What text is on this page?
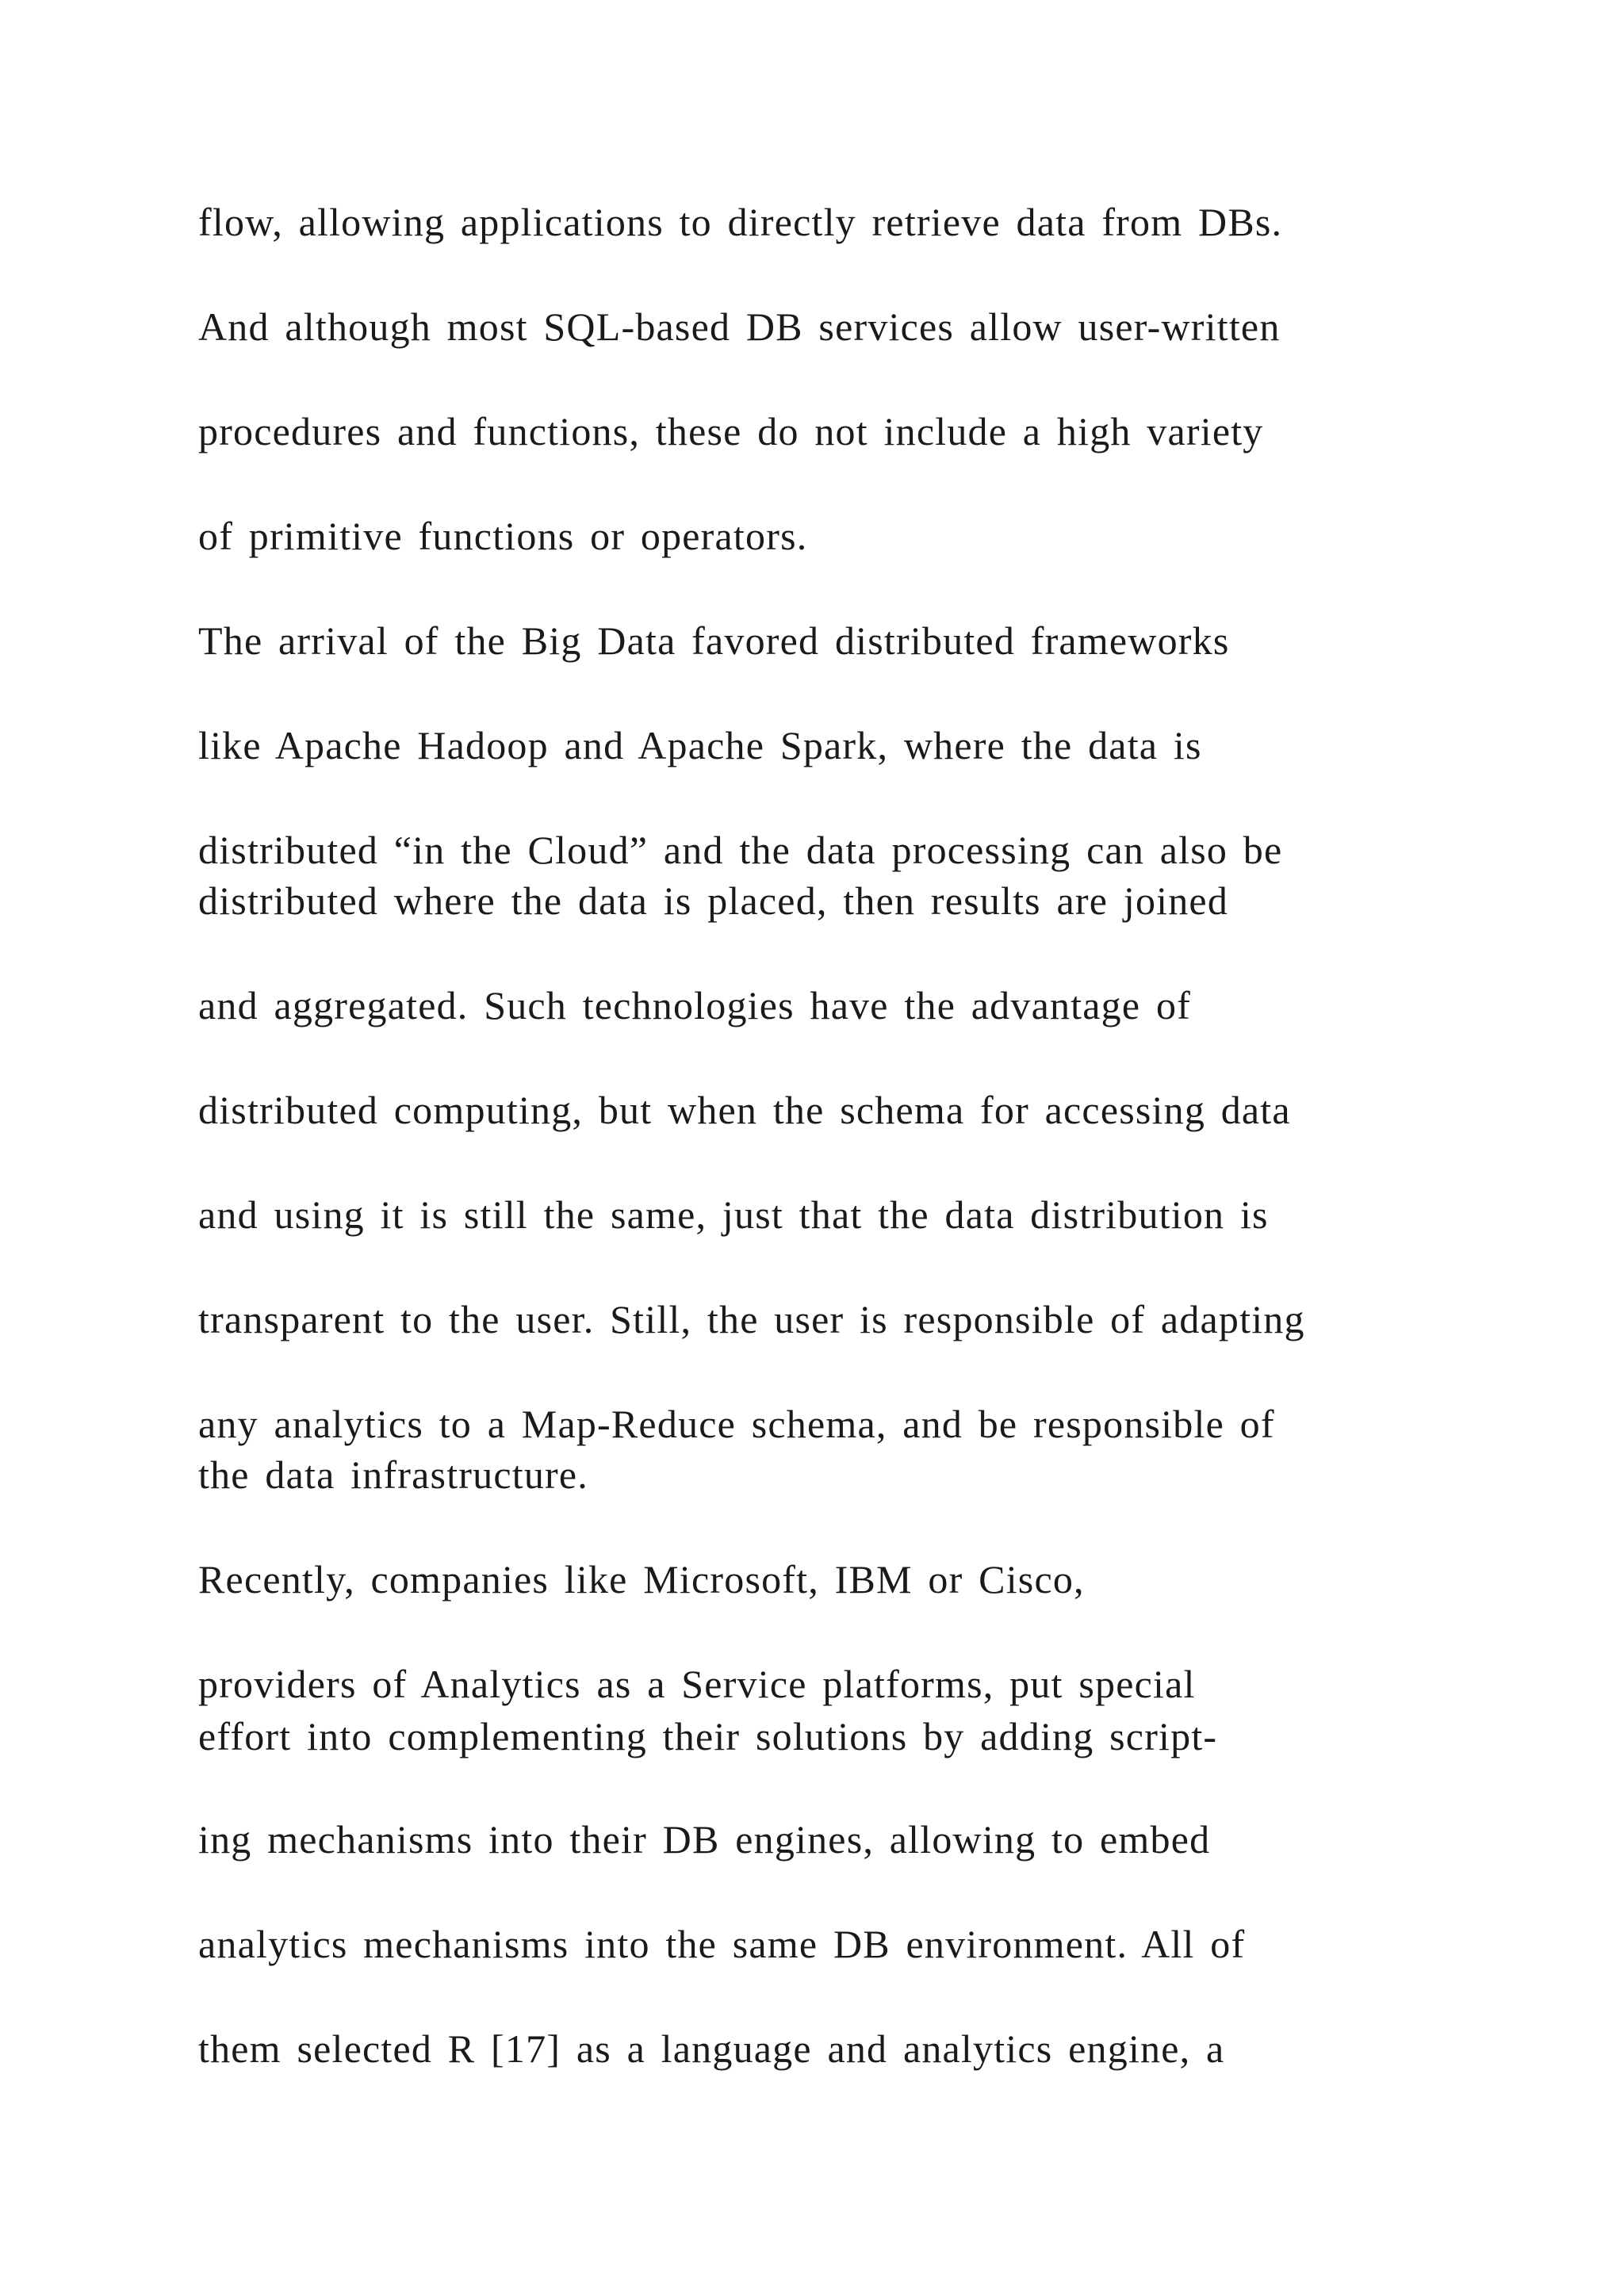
flow, allowing applications to directly retrieve data from DBs.

And although most SQL-based DB services allow user-written

procedures and functions, these do not include a high variety

of primitive functions or operators.

The arrival of the Big Data favored distributed frameworks

like Apache Hadoop and Apache Spark, where the data is

distributed “in the Cloud” and the data processing can also be

distributed where the data is placed, then results are joined

and aggregated. Such technologies have the advantage of

distributed computing, but when the schema for accessing data

and using it is still the same, just that the data distribution is

transparent to the user. Still, the user is responsible of adapting

any analytics to a Map-Reduce schema, and be responsible of

the data infrastructure.

Recently, companies like Microsoft, IBM or Cisco,

providers of Analytics as a Service platforms, put special

effort into complementing their solutions by adding script-

ing mechanisms into their DB engines, allowing to embed

analytics mechanisms into the same DB environment. All of

them selected R [17] as a language and analytics engine, a
